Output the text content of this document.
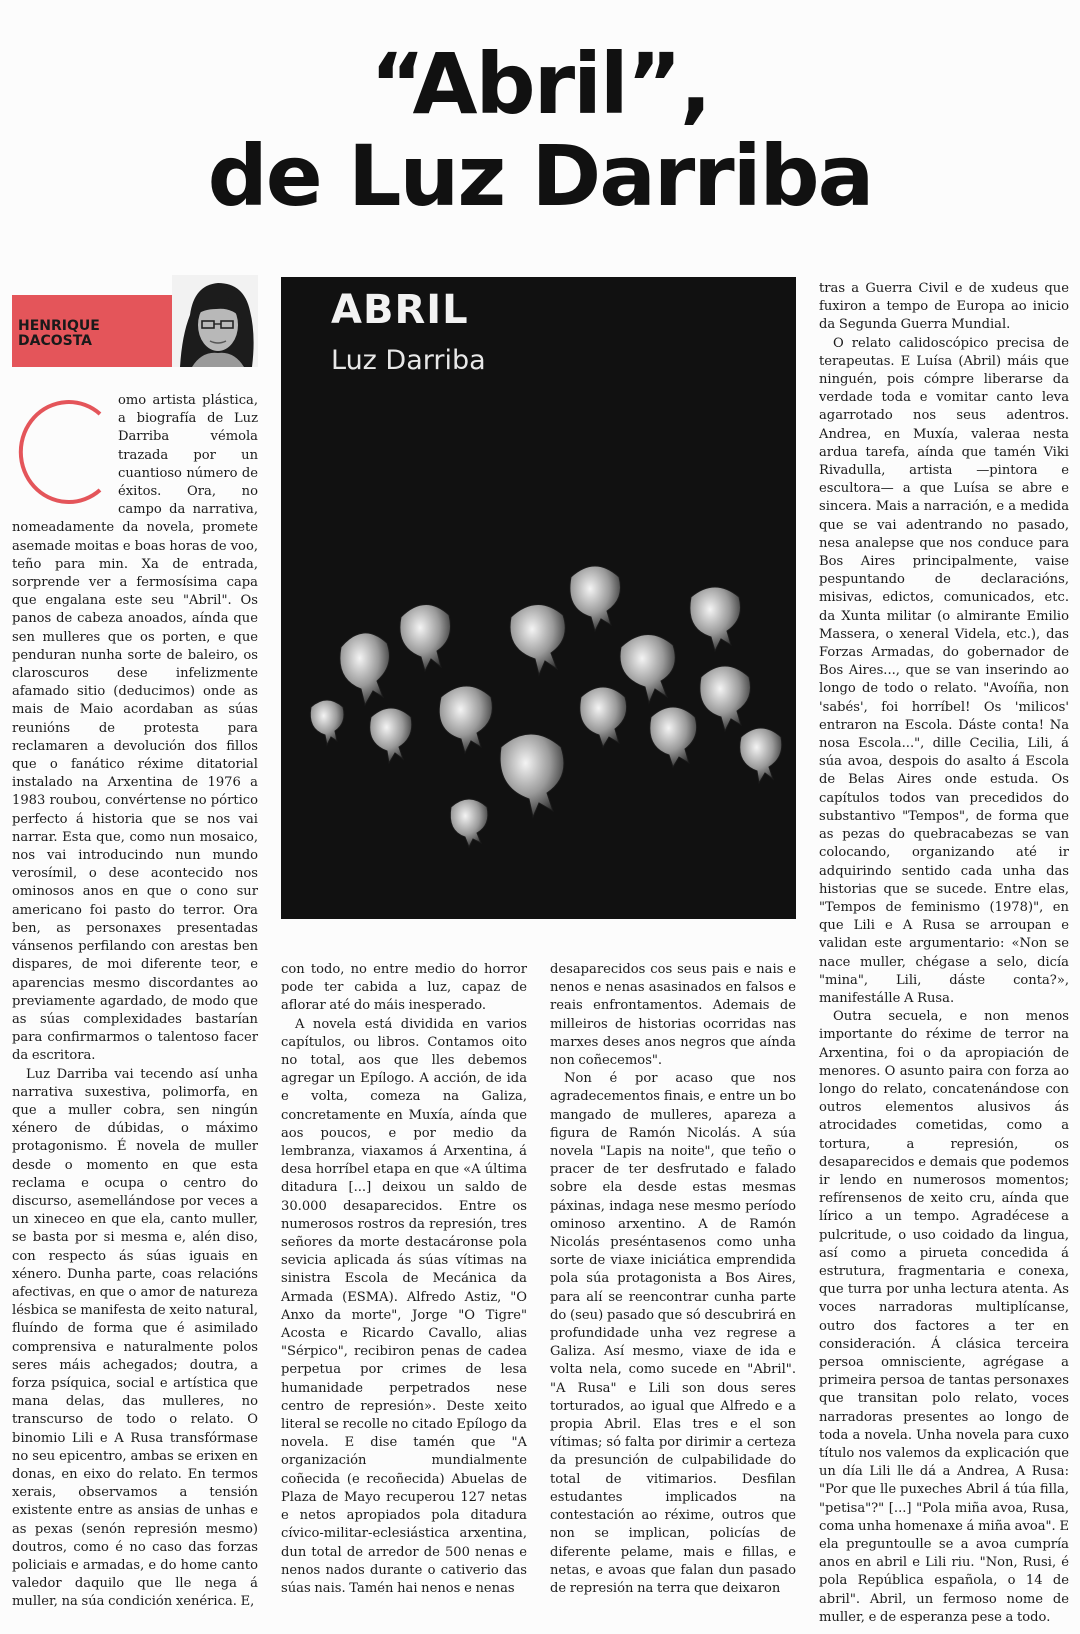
“Abril”,
de Luz Darriba
HENRIQUE
DACOSTA

omo artista plástica, a biografía de Luz Darriba vémola trazada por un cuantioso número de éxitos. Ora, no campo da narrativa, nomeadamente da novela, promete asemade moitas e boas horas de voo, teño para min. Xa de entrada, sorprende ver a fermosísima capa que engalana este seu "Abril". Os panos de cabeza anoados, aínda que sen mulleres que os porten, e que penduran nunha sorte de baleiro, os claroscuros dese infelizmente afamado sitio (deducimos) onde as mais de Maio acordaban as súas reunións de protesta para reclamaren a devolución dos fillos que o fanático réxime ditatorial instalado na Arxentina de 1976 a 1983 roubou, convértense no pórtico perfecto á historia que se nos vai narrar. Esta que, como nun mosaico, nos vai introducindo nun mundo verosímil, o dese acontecido nos ominosos anos en que o cono sur americano foi pasto do terror. Ora ben, as personaxes presentadas vánsenos perfilando con arestas ben dispares, de moi diferente teor, e aparencias mesmo discordantes ao previamente agardado, de modo que as súas complexidades bastarían para confirmarmos o talentoso facer da escritora.

Luz Darriba vai tecendo así unha narrativa suxestiva, polimorfa, en que a muller cobra, sen ningún xénero de dúbidas, o máximo protagonismo. É novela de muller desde o momento en que esta reclama e ocupa o centro do discurso, asemellándose por veces a un xineceo en que ela, canto muller, se basta por si mesma e, alén diso, con respecto ás súas iguais en xénero. Dunha parte, coas relacións afectivas, en que o amor de natureza lésbica se manifesta de xeito natural, fluíndo de forma que é asimilado comprensiva e naturalmente polos seres máis achegados; doutra, a forza psíquica, social e artística que mana delas, das mulleres, no transcurso de todo o relato. O binomio Lili e A Rusa transfórmase no seu epicentro, ambas se erixen en donas, en eixo do relato. En termos xerais, observamos a tensión existente entre as ansias de unhas e as pexas (senón represión mesmo) doutros, como é no caso das forzas policiais e armadas, e do home canto valedor daquilo que lle nega á muller, na súa condición xenérica. E,

ABRIL
Luz Darriba

con todo, no entre medio do horror pode ter cabida a luz, capaz de aflorar até do máis inesperado.

A novela está dividida en varios capítulos, ou libros. Contamos oito no total, aos que lles debemos agregar un Epílogo. A acción, de ida e volta, comeza na Galiza, concretamente en Muxía, aínda que aos poucos, e por medio da lembranza, viaxamos á Arxentina, á desa horríbel etapa en que «A última ditadura [...] deixou un saldo de 30.000 desaparecidos. Entre os numerosos rostros da represión, tres señores da morte destacáronse pola sevicia aplicada ás súas vítimas na sinistra Escola de Mecánica da Armada (ESMA). Alfredo Astiz, "O Anxo da morte", Jorge "O Tigre" Acosta e Ricardo Cavallo, alias "Sérpico", recibiron penas de cadea perpetua por crimes de lesa humanidade perpetrados nese centro de represión». Deste xeito literal se recolle no citado Epílogo da novela. E dise tamén que "A organización mundialmente coñecida (e recoñecida) Abuelas de Plaza de Mayo recuperou 127 netas e netos apropiados pola ditadura cívico-militar-eclesiástica arxentina, dun total de arredor de 500 nenas e nenos nados durante o cativerio das súas nais. Tamén hai nenos e nenas

desaparecidos cos seus pais e nais e nenos e nenas asasinados en falsos e reais enfrontamentos. Ademais de milleiros de historias ocorridas nas marxes deses anos negros que aínda non coñecemos".

Non é por acaso que nos agradecementos finais, e entre un bo mangado de mulleres, apareza a figura de Ramón Nicolás. A súa novela "Lapis na noite", que teño o pracer de ter desfrutado e falado sobre ela desde estas mesmas páxinas, indaga nese mesmo período ominoso arxentino. A de Ramón Nicolás preséntasenos como unha sorte de viaxe iniciática emprendida pola súa protagonista a Bos Aires, para alí se reencontrar cunha parte do (seu) pasado que só descubrirá en profundidade unha vez regrese a Galiza. Así mesmo, viaxe de ida e volta nela, como sucede en "Abril". "A Rusa" e Lili son dous seres torturados, ao igual que Alfredo e a propia Abril. Elas tres e el son vítimas; só falta por dirimir a certeza da presunción de culpabilidade do total de vitimarios. Desfilan estudantes implicados na contestación ao réxime, outros que non se implican, policías de diferente pelame, mais e fillas, e netas, e avoas que falan dun pasado de represión na terra que deixaron

tras a Guerra Civil e de xudeus que fuxiron a tempo de Europa ao inicio da Segunda Guerra Mundial.

O relato calidoscópico precisa de terapeutas. E Luísa (Abril) máis que ninguén, pois cómpre liberarse da verdade toda e vomitar canto leva agarrotado nos seus adentros. Andrea, en Muxía, valeraa nesta ardua tarefa, aínda que tamén Viki Rivadulla, artista —pintora e escultora— a que Luísa se abre e sincera. Mais a narración, e a medida que se vai adentrando no pasado, nesa analepse que nos conduce para Bos Aires principalmente, vaise pespuntando de declaracións, misivas, edictos, comunicados, etc. da Xunta militar (o almirante Emilio Massera, o xeneral Videla, etc.), das Forzas Armadas, do gobernador de Bos Aires..., que se van inserindo ao longo de todo o relato. "Avoíña, non 'sabés', foi horríbel! Os 'milicos' entraron na Escola. Dáste conta! Na nosa Escola...", dille Cecilia, Lili, á súa avoa, despois do asalto á Escola de Belas Aires onde estuda. Os capítulos todos van precedidos do substantivo "Tempos", de forma que as pezas do quebracabezas se van colocando, organizando até ir adquirindo sentido cada unha das historias que se sucede. Entre elas, "Tempos de feminismo (1978)", en que Lili e A Rusa se arroupan e validan este argumentario: «Non se nace muller, chégase a selo, dicía "mina", Lili, dáste conta?», manifestálle A Rusa.

Outra secuela, e non menos importante do réxime de terror na Arxentina, foi o da apropiación de menores. O asunto paira con forza ao longo do relato, concatenándose con outros elementos alusivos ás atrocidades cometidas, como a tortura, a represión, os desaparecidos e demais que podemos ir lendo en numerosos momentos; refírensenos de xeito cru, aínda que lírico a un tempo. Agradécese a pulcritude, o uso coidado da lingua, así como a pirueta concedida á estrutura, fragmentaria e conexa, que turra por unha lectura atenta. As voces narradoras multiplícanse, outro dos factores a ter en consideración. Á clásica terceira persoa omnisciente, agrégase a primeira persoa de tantas personaxes que transitan polo relato, voces narradoras presentes ao longo de toda a novela. Unha novela para cuxo título nos valemos da explicación que un día Lili lle dá a Andrea, A Rusa: "Por que lle puxeches Abril á túa filla, "petisa"?" [...] "Pola miña avoa, Rusa, coma unha homenaxe á miña avoa". E ela preguntoulle se a avoa cumpría anos en abril e Lili riu. "Non, Rusi, é pola República española, o 14 de abril". Abril, un fermoso nome de muller, e de esperanza pese a todo.
